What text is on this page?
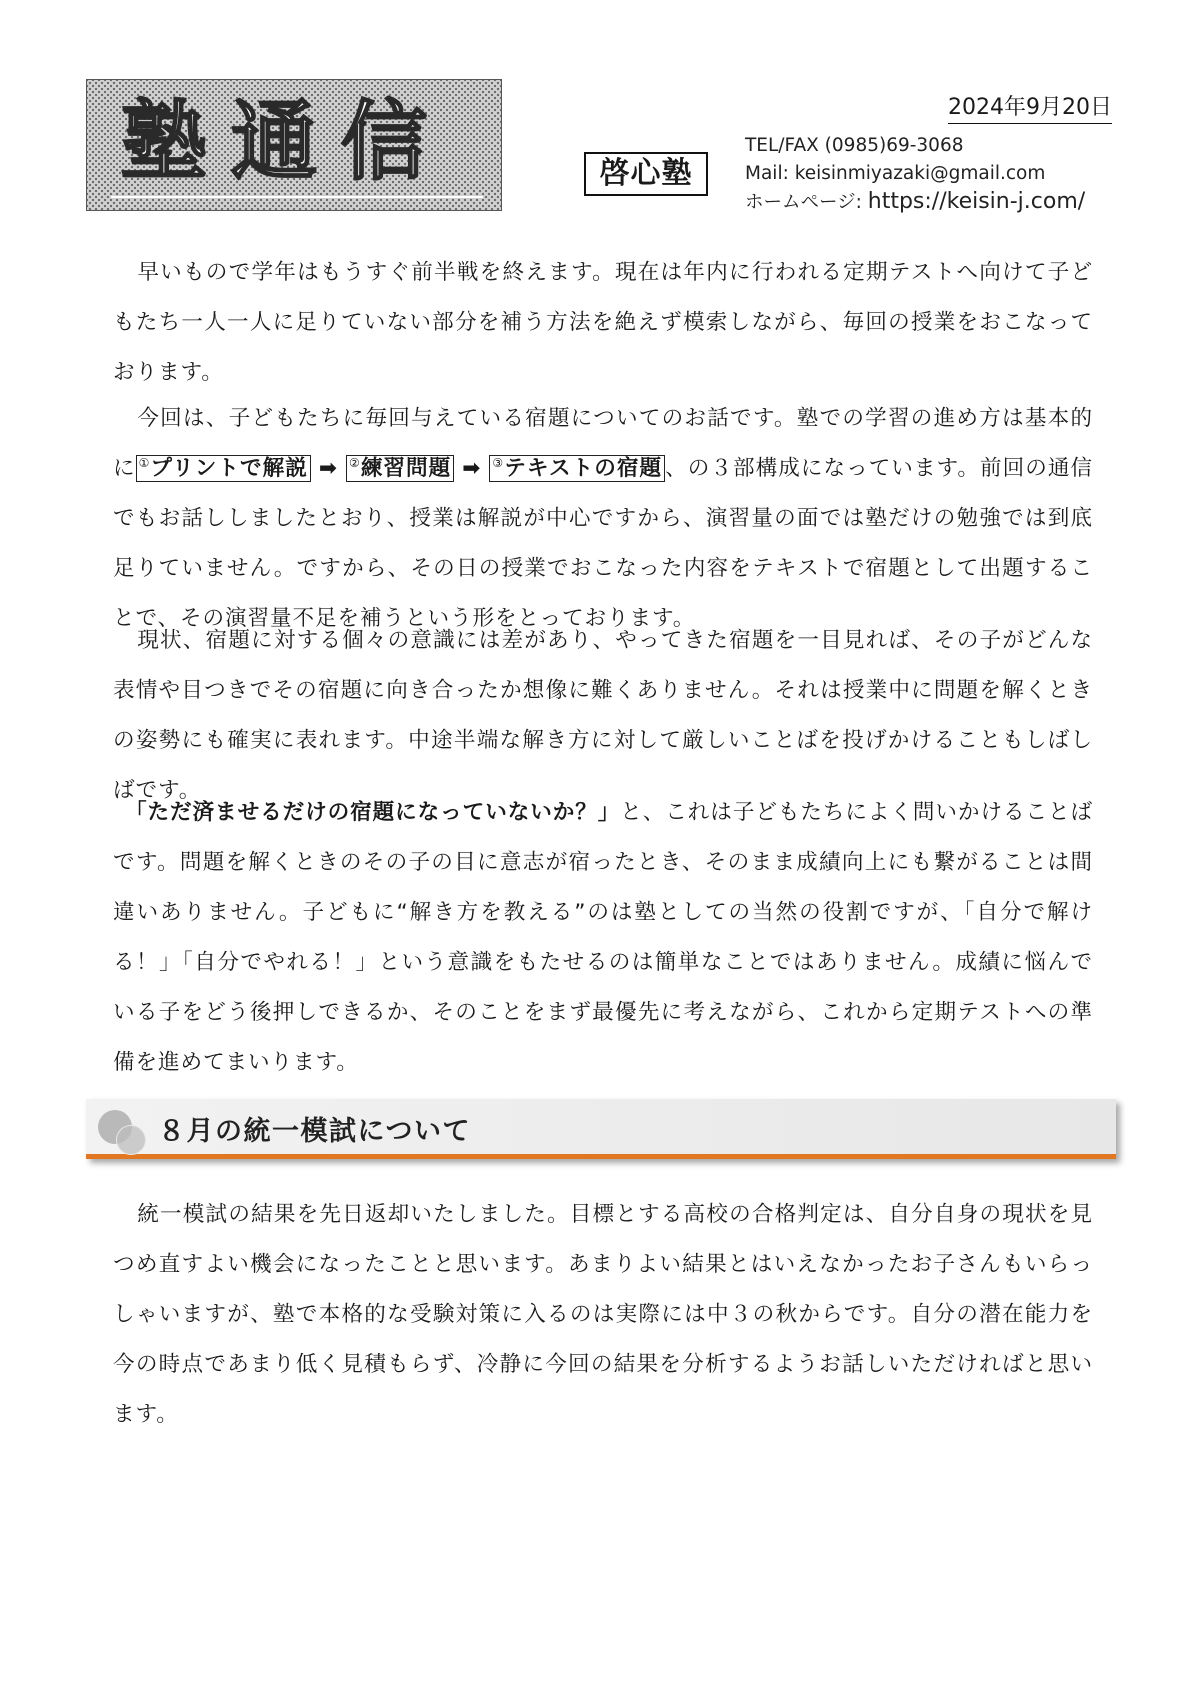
塾通信	啓心塾
2024年9月20日
TEL/FAX (0985)69-3068
Mail: keisinmiyazaki@gmail.com
ホームページ: https://keisin-j.com/

早いもので学年はもうすぐ前半戦を終えます。現在は年内に行われる定期テストへ向けて子どもたち一人一人に足りていない部分を補う方法を絶えず模索しながら、毎回の授業をおこなっております。

今回は、子どもたちに毎回与えている宿題についてのお話です。塾での学習の進め方は基本的に ①プリントで解説 ➡ ②練習問題 ➡ ③テキストの宿題 、の３部構成になっています。前回の通信でもお話ししましたとおり、授業は解説が中心ですから、演習量の面では塾だけの勉強では到底足りていません。ですから、その日の授業でおこなった内容をテキストで宿題として出題することで、その演習量不足を補うという形をとっております。

現状、宿題に対する個々の意識には差があり、やってきた宿題を一目見れば、その子がどんな表情や目つきでその宿題に向き合ったか想像に難くありません。それは授業中に問題を解くときの姿勢にも確実に表れます。中途半端な解き方に対して厳しいことばを投げかけることもしばしばです。

「ただ済ませるだけの宿題になっていないか？」と、これは子どもたちによく問いかけることばです。問題を解くときのその子の目に意志が宿ったとき、そのまま成績向上にも繋がることは間違いありません。子どもに“解き方を教える”のは塾としての当然の役割ですが、「自分で解ける！」「自分でやれる！」という意識をもたせるのは簡単なことではありません。成績に悩んでいる子をどう後押しできるか、そのことをまず最優先に考えながら、これから定期テストへの準備を進めてまいります。

８月の統一模試について

統一模試の結果を先日返却いたしました。目標とする高校の合格判定は、自分自身の現状を見つめ直すよい機会になったことと思います。あまりよい結果とはいえなかったお子さんもいらっしゃいますが、塾で本格的な受験対策に入るのは実際には中３の秋からです。自分の潜在能力を今の時点であまり低く見積もらず、冷静に今回の結果を分析するようお話しいただければと思います。
